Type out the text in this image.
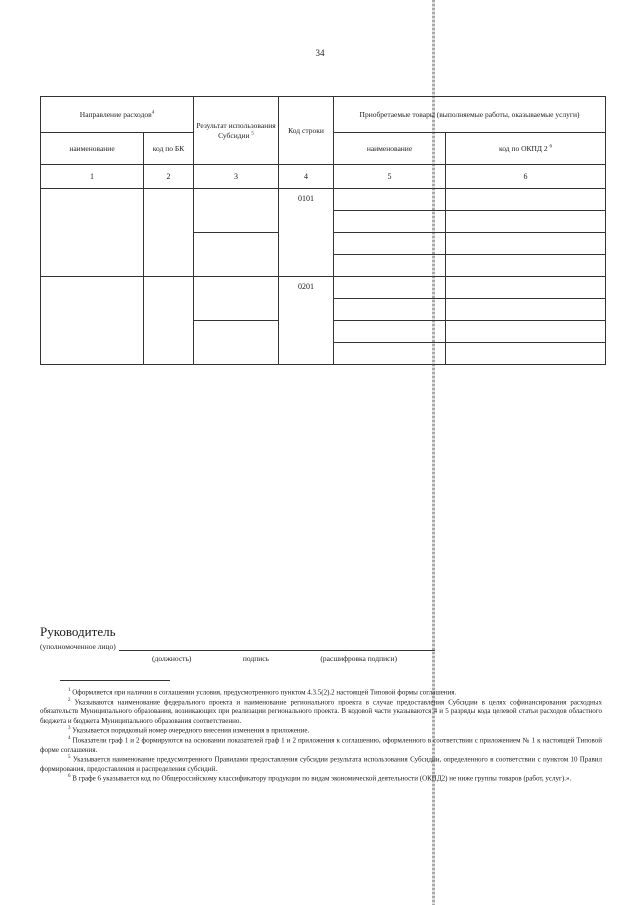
34
Направление расходов$^4$		Результат использования Субсидии $^5$	Код строки	Приобретаемые товары (выполняемые работы, оказываемые услуги)	
наименование	код по БК			наименование	код по ОКПД 2 $^6$
1	2	3	4	5	6
			0101		

			0201		

Руководитель
(уполномоченное лицо)
(должность)	подпись	(расшифровка подписи)

$^1$ Оформляется при наличии в соглашении условия, предусмотренного пунктом 4.3.5(2).2 настоящей Типовой формы соглашения.

$^2$ Указываются наименование федерального проекта и наименование регионального проекта в случае предоставления Субсидии в целях софинансирования расходных обязательств Муниципального образования, возникающих при реализации регионального проекта. В кодовой части указываются 4 и 5 разряды кода целевой статьи расходов областного бюджета и бюджета Муниципального образования соответственно.

$^3$ Указывается порядковый номер очередного внесения изменения в приложение.

$^4$ Показатели граф 1 и 2 формируются на основании показателей граф 1 и 2 приложения к соглашению, оформленного в соответствии с приложением № 1 к настоящей Типовой форме соглашения.

$^5$ Указывается наименование предусмотренного Правилами предоставления субсидии результата использования Субсидии, определенного в соответствии с пунктом 10 Правил формирования, предоставления и распределения субсидий.

$^6$ В графе 6 указывается код по Общероссийскому классификатору продукции по видам экономической деятельности (ОКПД2) не ниже группы товаров (работ, услуг).».
